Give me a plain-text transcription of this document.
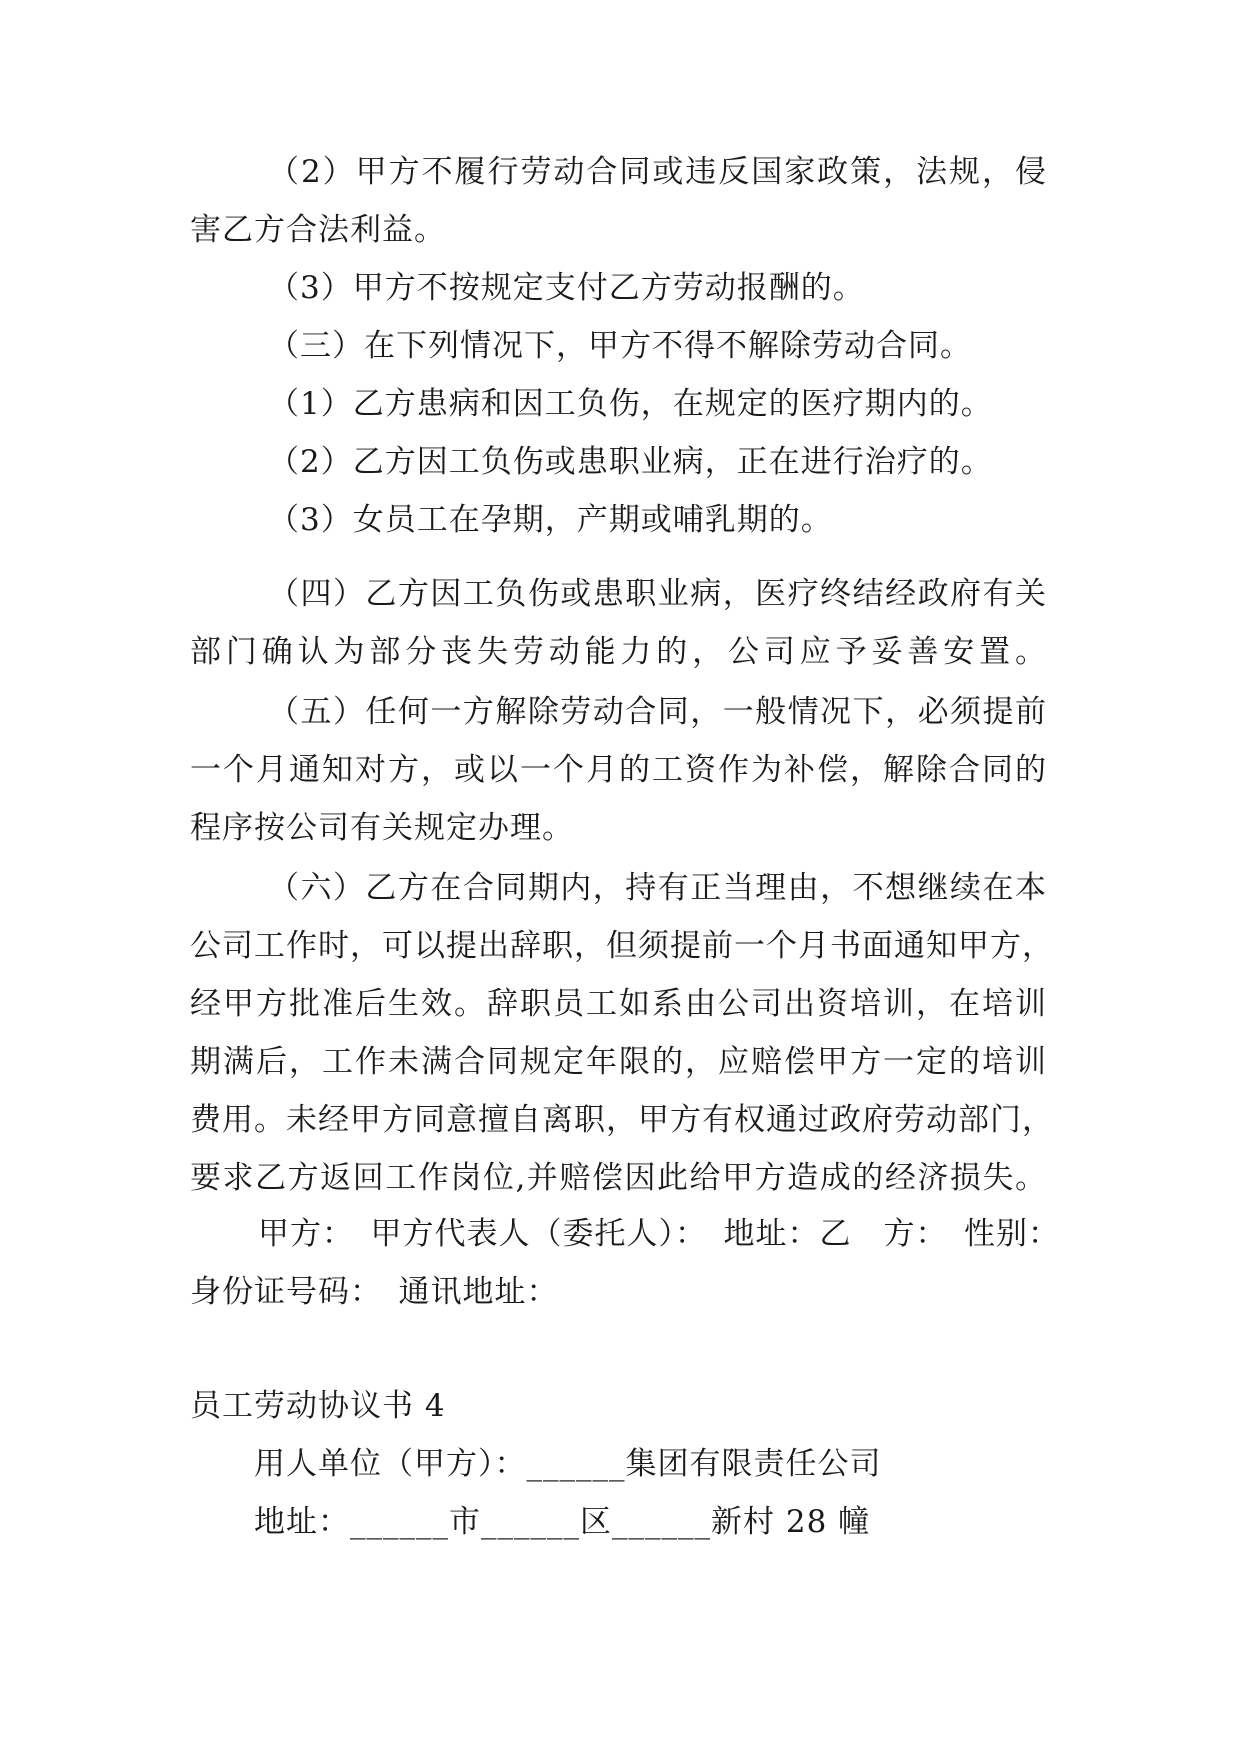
（2）甲方不履行劳动合同或违反国家政策，法规，侵
害乙方合法利益。
（3）甲方不按规定支付乙方劳动报酬的。
（三）在下列情况下，甲方不得不解除劳动合同。
（1）乙方患病和因工负伤，在规定的医疗期内的。
（2）乙方因工负伤或患职业病，正在进行治疗的。
（3）女员工在孕期，产期或哺乳期的。
（四）乙方因工负伤或患职业病，医疗终结经政府有关
部门确认为部分丧失劳动能力的，公司应予妥善安置。
（五）任何一方解除劳动合同，一般情况下，必须提前
一个月通知对方，或以一个月的工资作为补偿，解除合同的
程序按公司有关规定办理。
（六）乙方在合同期内，持有正当理由，不想继续在本
公司工作时，可以提出辞职，但须提前一个月书面通知甲方，
经甲方批准后生效。辞职员工如系由公司出资培训，在培训
期满后，工作未满合同规定年限的，应赔偿甲方一定的培训
费用。未经甲方同意擅自离职，甲方有权通过政府劳动部门，
要求乙方返回工作岗位,并赔偿因此给甲方造成的经济损失。
甲方：　甲方代表人（委托人）：　地址：乙　方：　性别：
身份证号码：　通讯地址：
员工劳动协议书 4
用人单位（甲方）：______集团有限责任公司
地址：______市______区______新村 28 幢
